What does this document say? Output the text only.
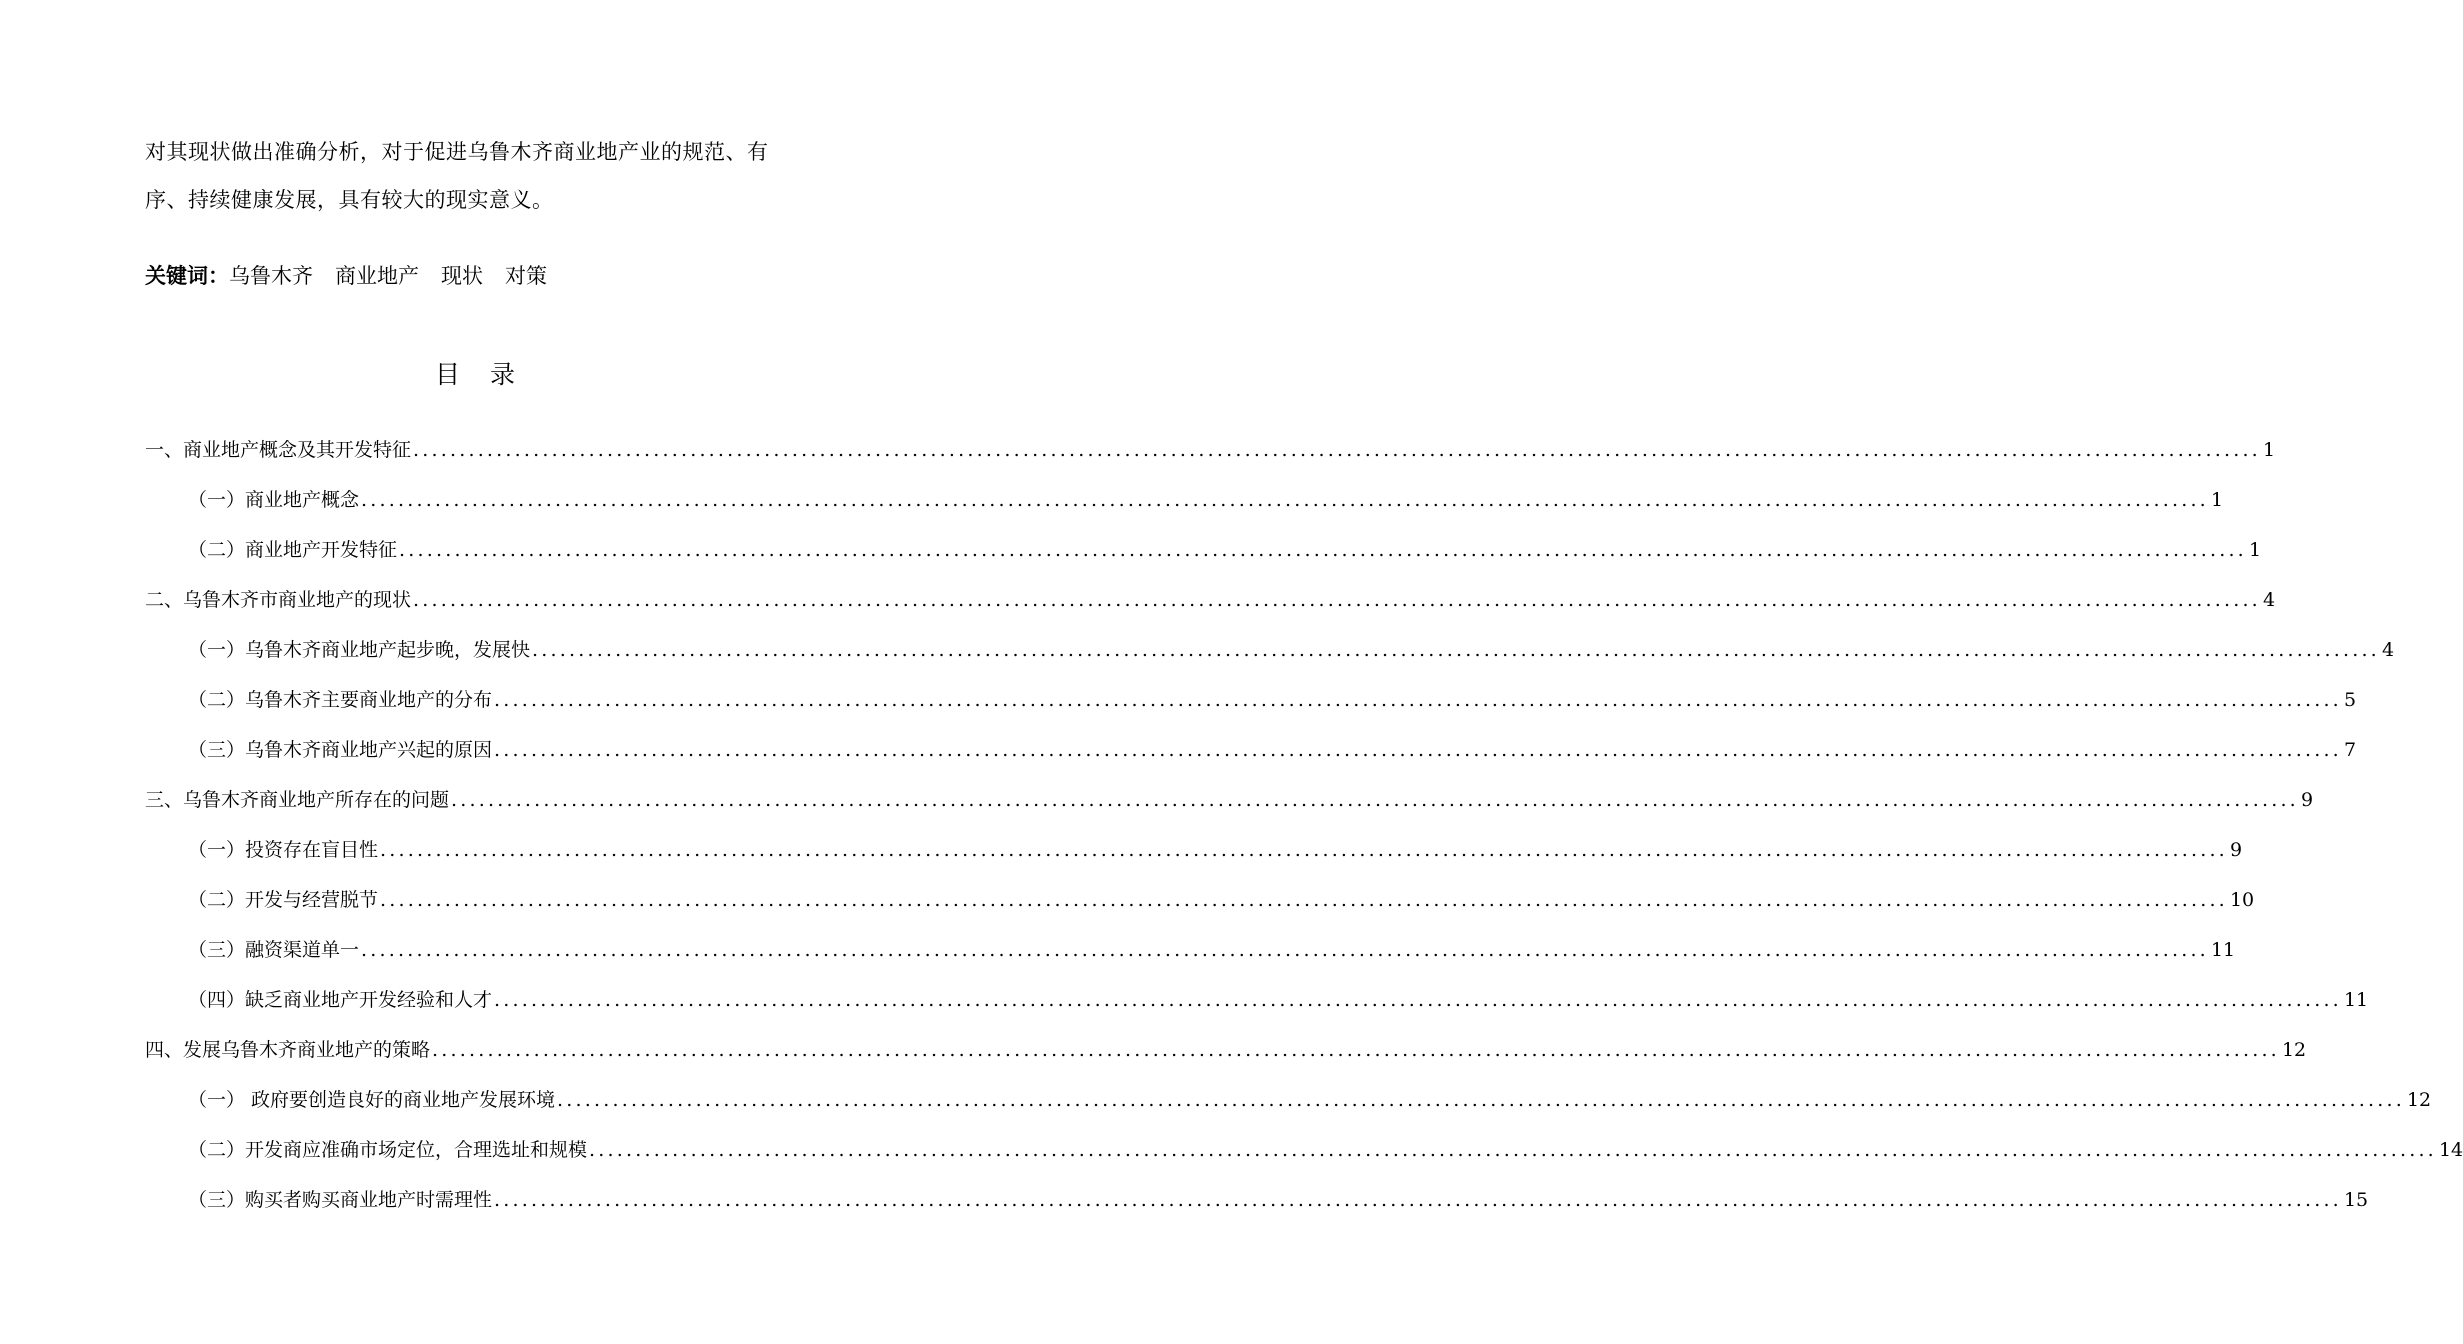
对其现状做出准确分析，对于促进乌鲁木齐商业地产业的规范、有
序、持续健康发展，具有较大的现实意义。
关键词：乌鲁木齐 商业地产 现状 对策
目录
一、商业地产概念及其开发特征 ........................................................................................................................................................................................................ 1
（一）商业地产概念 ........................................................................................................................................................................................................ 1
（二）商业地产开发特征 ........................................................................................................................................................................................................ 1
二、乌鲁木齐市商业地产的现状 ........................................................................................................................................................................................................ 4
（一）乌鲁木齐商业地产起步晚，发展快 ........................................................................................................................................................................................................ 4
（二）乌鲁木齐主要商业地产的分布 ........................................................................................................................................................................................................ 5
（三）乌鲁木齐商业地产兴起的原因 ........................................................................................................................................................................................................ 7
三、乌鲁木齐商业地产所存在的问题 ........................................................................................................................................................................................................ 9
（一）投资存在盲目性 ........................................................................................................................................................................................................ 9
（二）开发与经营脱节 ........................................................................................................................................................................................................ 10
（三）融资渠道单一 ........................................................................................................................................................................................................ 11
（四）缺乏商业地产开发经验和人才 ........................................................................................................................................................................................................ 11
四、发展乌鲁木齐商业地产的策略 ........................................................................................................................................................................................................ 12
（一） 政府要创造良好的商业地产发展环境 ........................................................................................................................................................................................................ 12
（二）开发商应准确市场定位，合理选址和规模 ........................................................................................................................................................................................................ 14
（三）购买者购买商业地产时需理性 ........................................................................................................................................................................................................ 15
